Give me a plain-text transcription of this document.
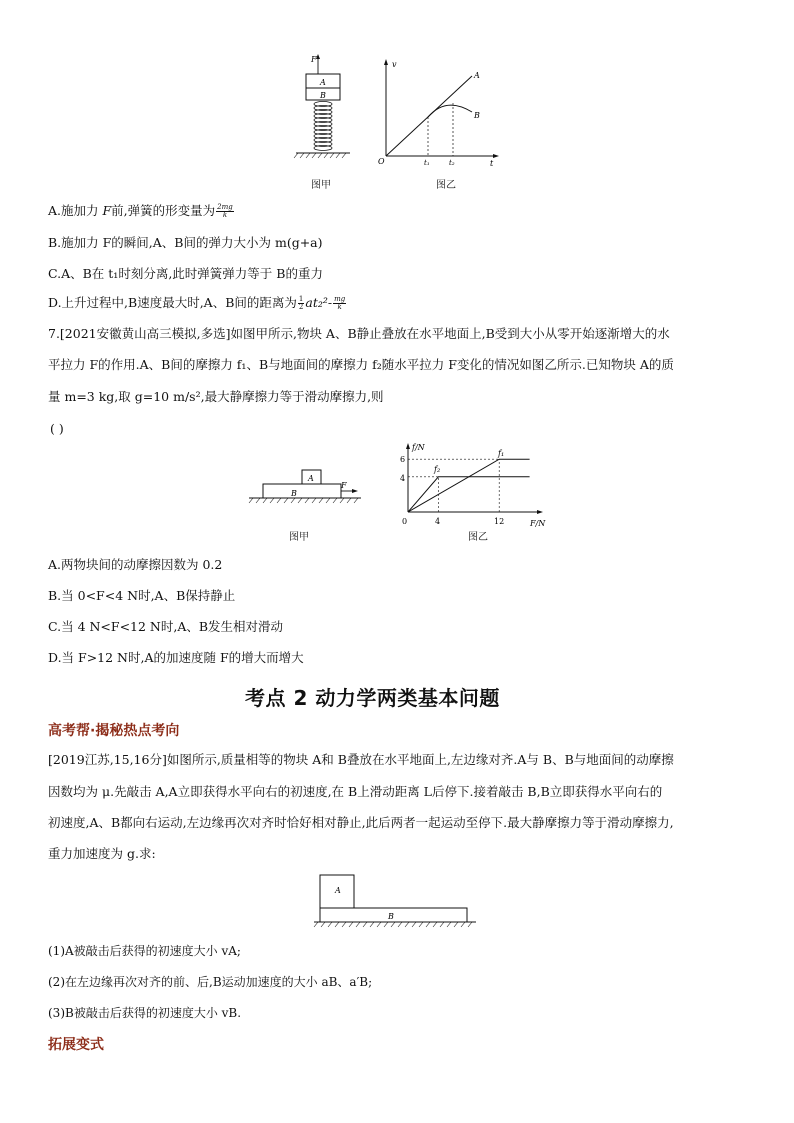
F
A
B
图甲
v
t
O
A
B
t₁	t₂
图乙
A.施加力 F前,弹簧的形变量为 $\frac{2mg}{k}$
B.施加力 F的瞬间,A、B间的弹力大小为 m(g+a)
C.A、B在 t₁时刻分离,此时弹簧弹力等于 B的重力
D.上升过程中,B速度最大时,A、B间的距离为 $\frac{1}{2} at_2^2- \frac{mg}{k}$
7.[2021安徽黄山高三模拟,多选]如图甲所示,物块 A、B静止叠放在水平地面上,B受到大小从零开始逐渐增大的水
平拉力 F的作用.A、B间的摩擦力 f₁、B与地面间的摩擦力 f₂随水平拉力 F变化的情况如图乙所示.已知物块 A的质
量 m=3 kg,取 g=10 m/s²,最大静摩擦力等于滑动摩擦力,则
( )
A
B
F
图甲
f/N
F/N
0
6
4
4	12
f₁
f₂
图乙
A.两物块间的动摩擦因数为 0.2
B.当 0<F<4 N时,A、B保持静止
C.当 4 N<F<12 N时,A、B发生相对滑动
D.当 F>12 N时,A的加速度随 F的增大而增大
考点 2 动力学两类基本问题
高考帮·揭秘热点考向
[2019江苏,15,16分]如图所示,质量相等的物块 A和 B叠放在水平地面上,左边缘对齐.A与 B、B与地面间的动摩擦
因数均为 μ.先敲击 A,A立即获得水平向右的初速度,在 B上滑动距离 L后停下.接着敲击 B,B立即获得水平向右的
初速度,A、B都向右运动,左边缘再次对齐时恰好相对静止,此后两者一起运动至停下.最大静摩擦力等于滑动摩擦力,
重力加速度为 g.求:
A
B
(1)A被敲击后获得的初速度大小 vA;
(2)在左边缘再次对齐的前、后,B运动加速度的大小 aB、a′B;
(3)B被敲击后获得的初速度大小 vB.
拓展变式
